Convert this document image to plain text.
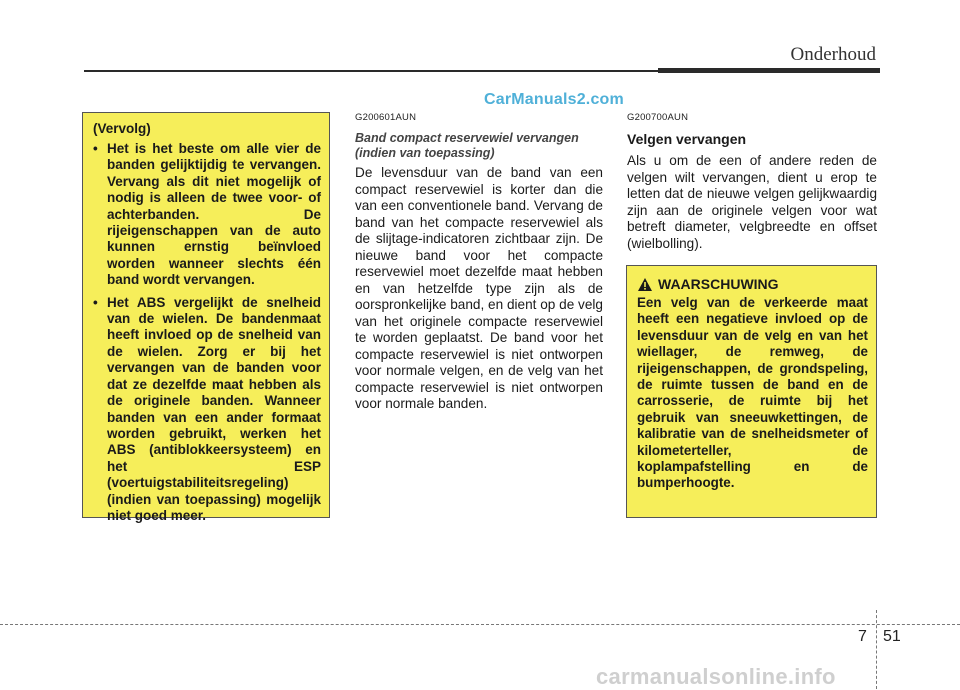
Onderhoud
CarManuals2.com

(Vervolg)

• Het is het beste om alle vier de banden gelijktijdig te vervangen. Vervang als dit niet mogelijk of nodig is alleen de twee voor- of achterbanden. De rijeigenschappen van de auto kunnen ernstig beïnvloed worden wanneer slechts één band wordt vervangen.
• Het ABS vergelijkt de snelheid van de wielen. De bandenmaat heeft invloed op de snelheid van de wielen. Zorg er bij het vervangen van de banden voor dat ze dezelfde maat hebben als de originele banden. Wanneer banden van een ander formaat worden gebruikt, werken het ABS (antiblokkeersysteem) en het ESP (voertuigstabiliteitsregeling) (indien van toepassing) mogelijk niet goed meer.
G200601AUN
Band compact reservewiel vervangen (indien van toepassing)

De levensduur van de band van een compact reservewiel is korter dan die van een conventionele band. Vervang de band van het compacte reservewiel als de slijtage-indicatoren zichtbaar zijn. De nieuwe band voor het compacte reservewiel moet dezelfde maat hebben en van hetzelfde type zijn als de oorspronkelijke band, en dient op de velg van het originele compacte reservewiel te worden geplaatst. De band voor het compacte reservewiel is niet ontworpen voor normale velgen, en de velg van het compacte reservewiel is niet ontworpen voor normale banden.

G200700AUN
Velgen vervangen

Als u om de een of andere reden de velgen wilt vervangen, dient u erop te letten dat de nieuwe velgen gelijkwaardig zijn aan de originele velgen voor wat betreft diameter, velgbreedte en offset (wielbolling).

WAARSCHUWING

Een velg van de verkeerde maat heeft een negatieve invloed op de levensduur van de velg en van het wiellager, de remweg, de rijeigenschappen, de grondspeling, de ruimte tussen de band en de carrosserie, de ruimte bij het gebruik van sneeuwkettingen, de kalibratie van de snelheidsmeter of kilometerteller, de koplampafstelling en de bumperhoogte.

7 51
carmanualsonline.info
